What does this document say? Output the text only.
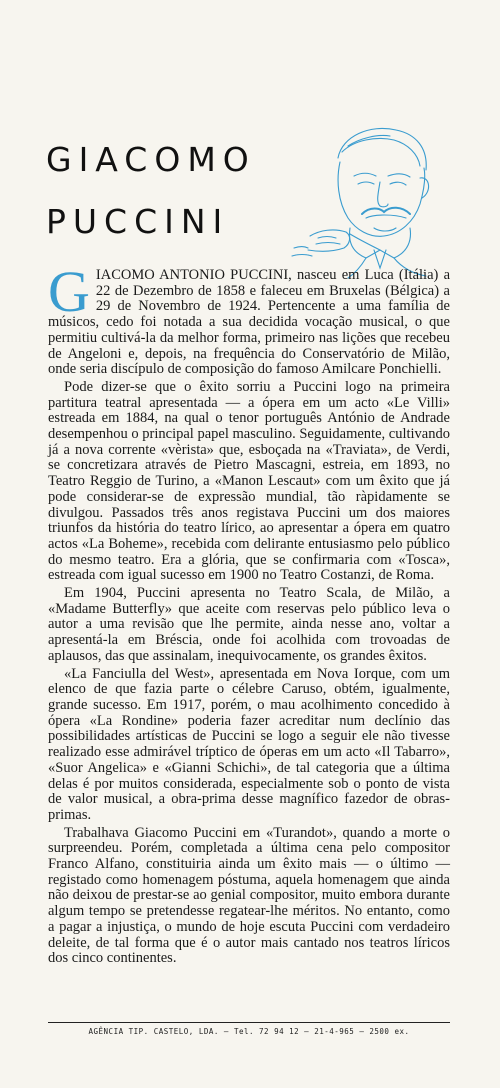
GIACOMO
PUCCINI

GIACOMO ANTONIO PUCCINI, nasceu em Luca (Itália) a 22 de Dezembro de 1858 e faleceu em Bruxelas (Bélgica) a 29 de Novembro de 1924. Pertencente a uma família de músicos, cedo foi notada a sua decidida vocação musical, o que permitiu cultivá-la da melhor forma, primeiro nas lições que recebeu de Angeloni e, depois, na frequência do Conservatório de Milão, onde seria discípulo de composição do famoso Amilcare Ponchielli.

Pode dizer-se que o êxito sorriu a Puccini logo na primeira partitura teatral apresentada — a ópera em um acto «Le Villi» estreada em 1884, na qual o tenor português António de Andrade desempenhou o principal papel masculino. Seguidamente, cultivando já a nova corrente «vèrista» que, esboçada na «Traviata», de Verdi, se concretizara através de Pietro Mascagni, estreia, em 1893, no Teatro Reggio de Turino, a «Manon Lescaut» com um êxito que já pode considerar-se de expressão mundial, tão ràpidamente se divulgou. Passados três anos registava Puccini um dos maiores triunfos da história do teatro lírico, ao apresentar a ópera em quatro actos «La Boheme», recebida com delirante entusiasmo pelo público do mesmo teatro. Era a glória, que se confirmaria com «Tosca», estreada com igual sucesso em 1900 no Teatro Costanzi, de Roma.

Em 1904, Puccini apresenta no Teatro Scala, de Milão, a «Madame Butterfly» que aceite com reservas pelo público leva o autor a uma revisão que lhe permite, ainda nesse ano, voltar a apresentá-la em Bréscia, onde foi acolhida com trovoadas de aplausos, das que assinalam, inequivocamente, os grandes êxitos.

«La Fanciulla del West», apresentada em Nova Iorque, com um elenco de que fazia parte o célebre Caruso, obtém, igualmente, grande sucesso. Em 1917, porém, o mau acolhimento concedido à ópera «La Rondine» poderia fazer acreditar num declínio das possibilidades artísticas de Puccini se logo a seguir ele não tivesse realizado esse admirável tríptico de óperas em um acto «Il Tabarro», «Suor Angelica» e «Gianni Schichi», de tal categoria que a última delas é por muitos considerada, especialmente sob o ponto de vista de valor musical, a obra-prima desse magnífico fazedor de obras-primas.

Trabalhava Giacomo Puccini em «Turandot», quando a morte o surpreendeu. Porém, completada a última cena pelo compositor Franco Alfano, constituiria ainda um êxito mais — o último — registado como homenagem póstuma, aquela homenagem que ainda não deixou de prestar-se ao genial compositor, muito embora durante algum tempo se pretendesse regatear-lhe méritos. No entanto, como a pagar a injustiça, o mundo de hoje escuta Puccini com verdadeiro deleite, de tal forma que é o autor mais cantado nos teatros líricos dos cinco continentes.

AGÊNCIA TIP. CASTELO, LDA. — Tel. 72 94 12 — 21-4-965 — 2500 ex.
